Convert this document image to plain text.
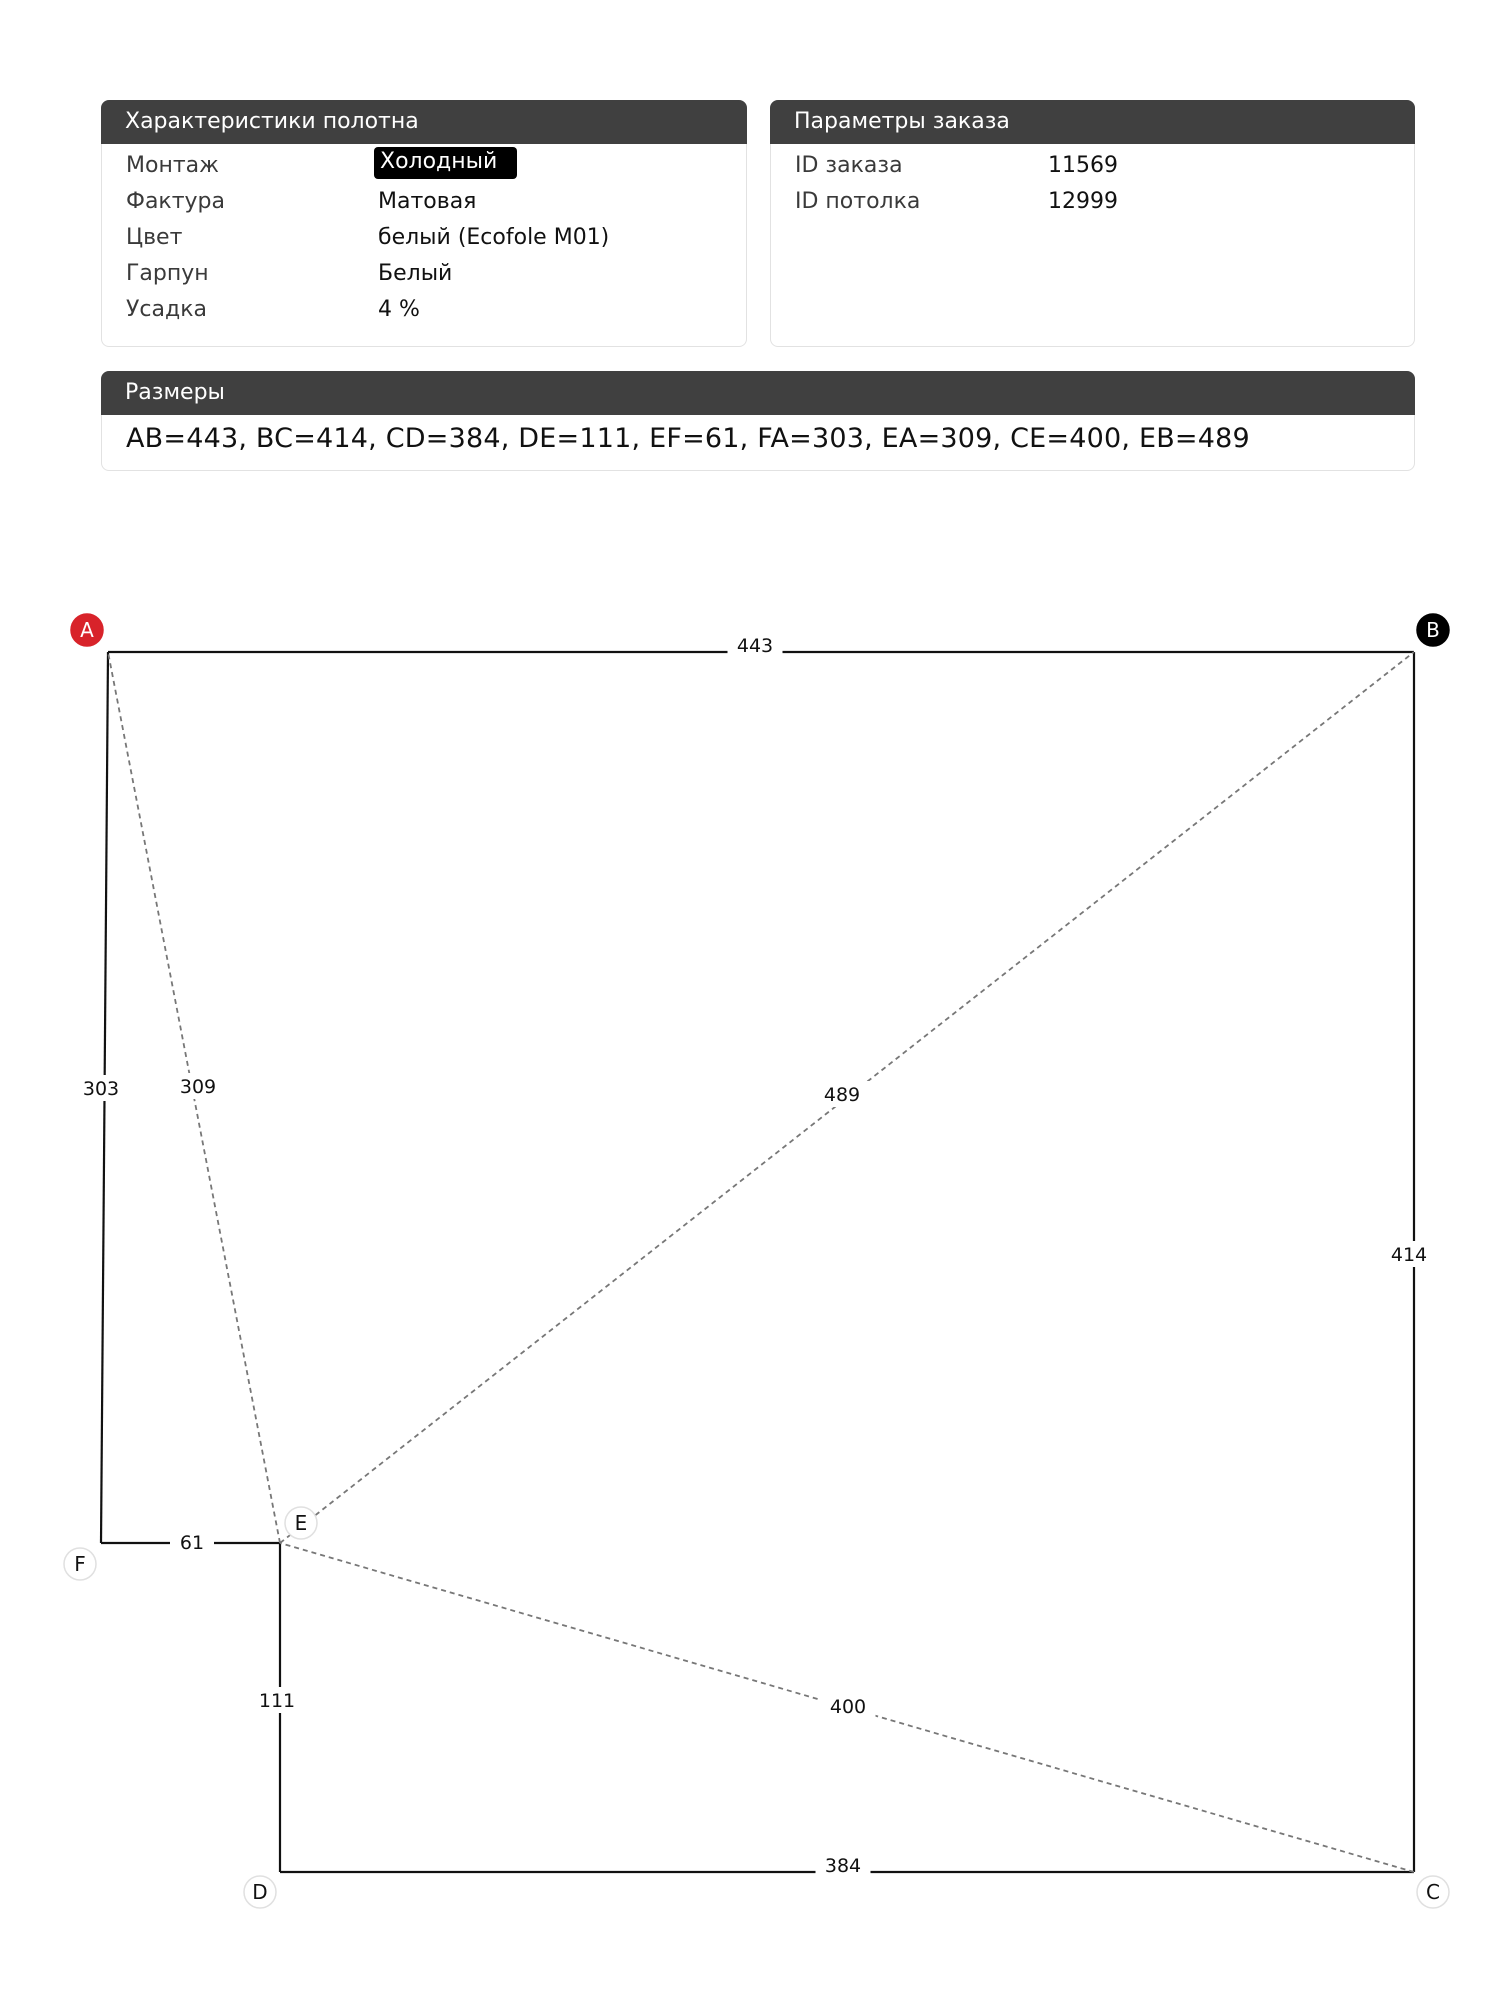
Характеристики полотна
Монтаж	Холодный
Фактура	Матовая
Цвет	белый (Ecofole M01)
Гарпун	Белый
Усадка	4 %
Параметры заказа
ID заказа	11569
ID потолка	12999
Размеры
AB=443, BC=414, CD=384, DE=111, EF=61, FA=303, EA=309, CE=400, EB=489
443
414
384
111
61
303	309
400
489
A	B
C
D
E
F
